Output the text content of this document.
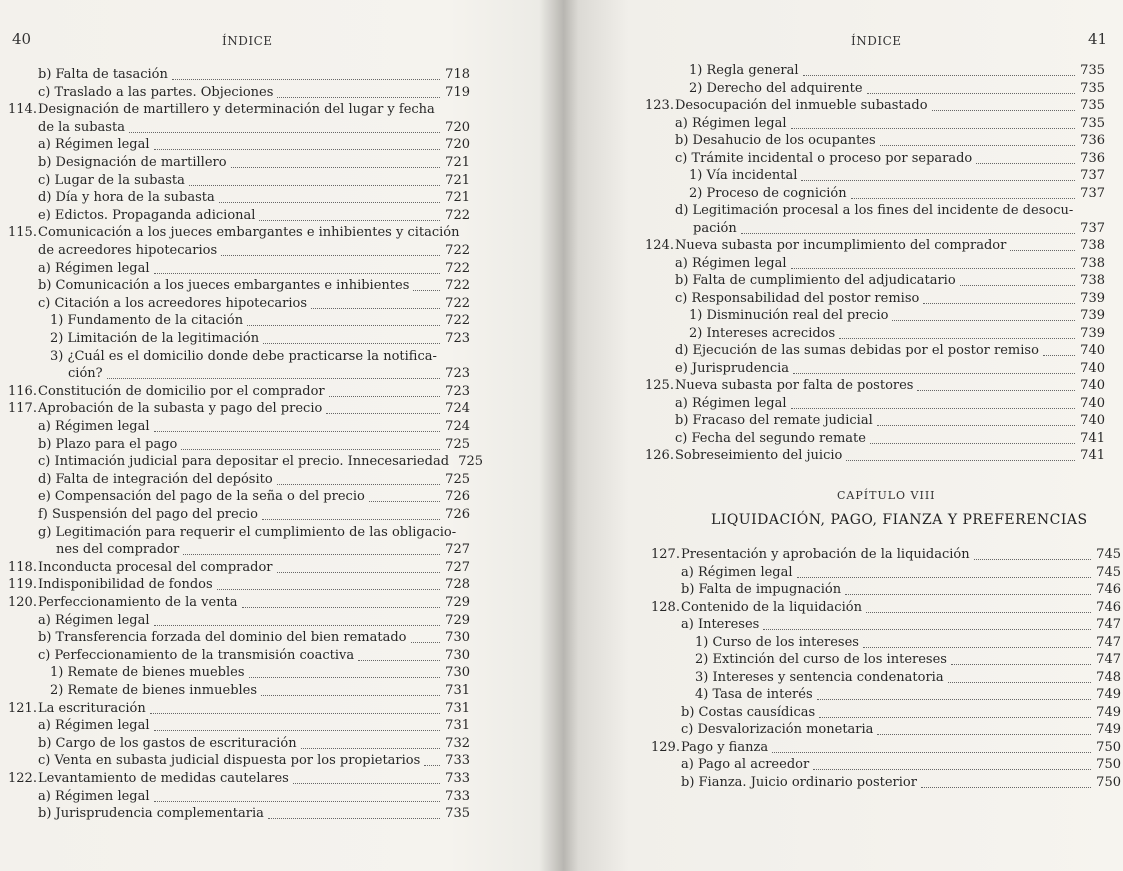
40	ÍNDICE
b) Falta de tasación	718
c) Traslado a las partes. Objeciones	719
114.Designación de martillero y determinación del lugar y fecha
de la subasta	720
a) Régimen legal	720
b) Designación de martillero	721
c) Lugar de la subasta	721
d) Día y hora de la subasta	721
e) Edictos. Propaganda adicional	722
115.Comunicación a los jueces embargantes e inhibientes y citación
de acreedores hipotecarios	722
a) Régimen legal	722
b) Comunicación a los jueces embargantes e inhibientes	722
c) Citación a los acreedores hipotecarios	722
1) Fundamento de la citación	722
2) Limitación de la legitimación	723
3) ¿Cuál es el domicilio donde debe practicarse la notifica-
ción?	723
116. Constitución de domicilio por el comprador	723
117. Aprobación de la subasta y pago del precio	724
a) Régimen legal	724
b) Plazo para el pago	725
c) Intimación judicial para depositar el precio. Innecesariedad 725
d) Falta de integración del depósito	725
e) Compensación del pago de la seña o del precio	726
f) Suspensión del pago del precio	726
g) Legitimación para requerir el cumplimiento de las obligacio-
nes del comprador	727
118. Inconducta procesal del comprador	727
119. Indisponibilidad de fondos	728
120. Perfeccionamiento de la venta	729
a) Régimen legal	729
b) Transferencia forzada del dominio del bien rematado	730
c) Perfeccionamiento de la transmisión coactiva	730
1) Remate de bienes muebles	730
2) Remate de bienes inmuebles	731
121. La escrituración	731
a) Régimen legal	731
b) Cargo de los gastos de escrituración	732
c) Venta en subasta judicial dispuesta por los propietarios 733
122. Levantamiento de medidas cautelares	733
a) Régimen legal	733
b) Jurisprudencia complementaria	735
ÍNDICE	41
CAPÍTULO VIII
LIQUIDACIÓN, PAGO, FIANZA Y PREFERENCIAS
1) Regla general	735
2) Derecho del adquirente	735
123. Desocupación del inmueble subastado	735
a) Régimen legal	735
b) Desahucio de los ocupantes	736
c) Trámite incidental o proceso por separado	736
1) Vía incidental	737
2) Proceso de cognición	737
d) Legitimación procesal a los fines del incidente de desocu-
pación	737
124. Nueva subasta por incumplimiento del comprador	738
a) Régimen legal	738
b) Falta de cumplimiento del adjudicatario	738
c) Responsabilidad del postor remiso	739
1) Disminución real del precio	739
2) Intereses acrecidos	739
d) Ejecución de las sumas debidas por el postor remiso	740
e) Jurisprudencia	740
125. Nueva subasta por falta de postores	740
a) Régimen legal	740
b) Fracaso del remate judicial	740
c) Fecha del segundo remate	741
126. Sobreseimiento del juicio	741
127. Presentación y aprobación de la liquidación	745
a) Régimen legal	745
b) Falta de impugnación	746
128. Contenido de la liquidación	746
a) Intereses	747
1) Curso de los intereses	747
2) Extinción del curso de los intereses	747
3) Intereses y sentencia condenatoria	748
4) Tasa de interés	749
b) Costas causídicas	749
c) Desvalorización monetaria	749
129. Pago y fianza	750
a) Pago al acreedor	750
b) Fianza. Juicio ordinario posterior	750
